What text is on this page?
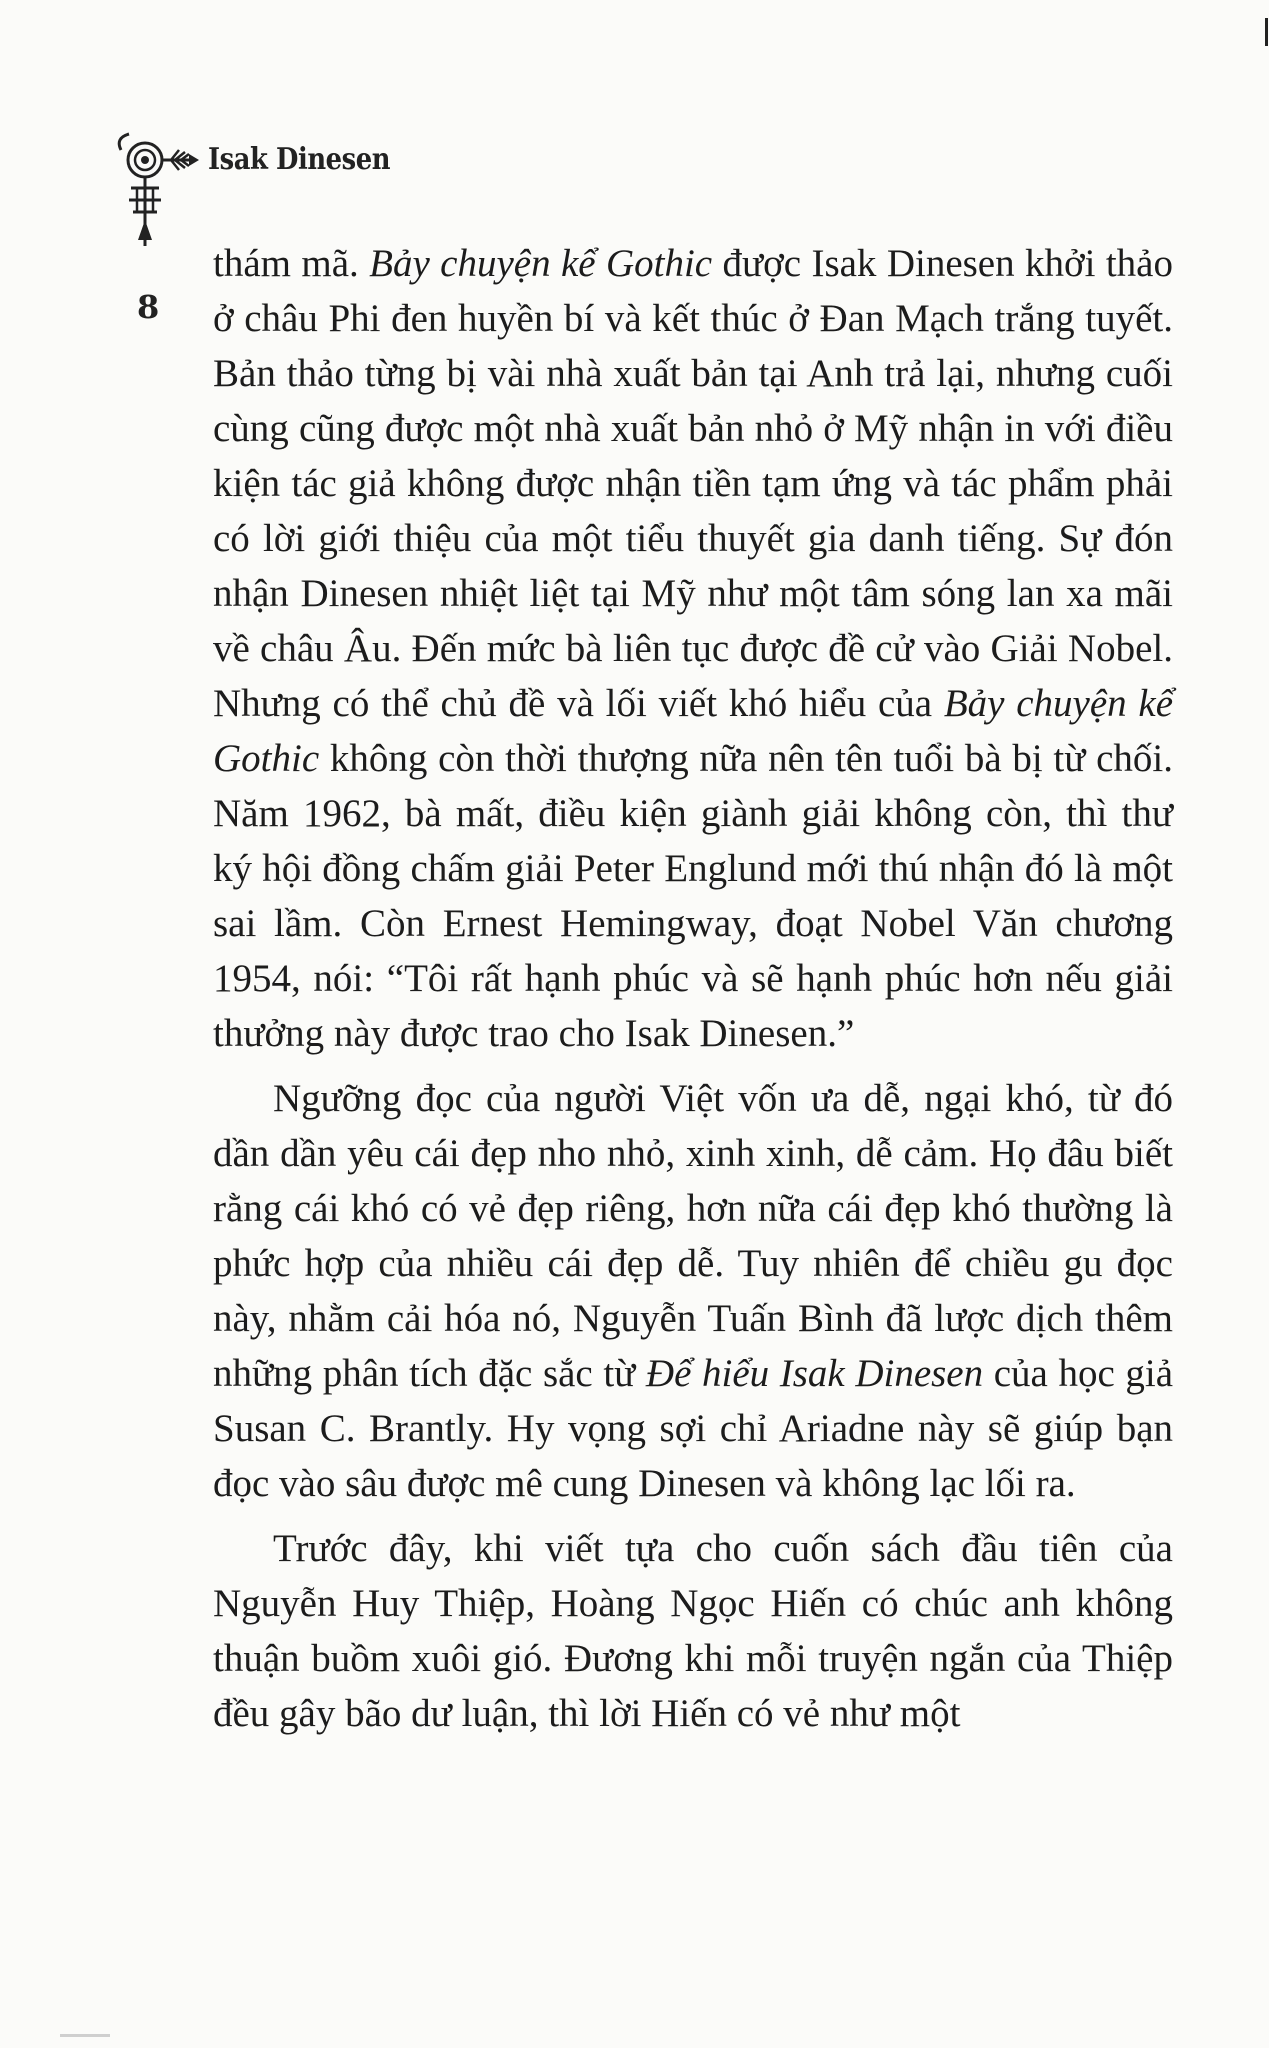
Isak Dinesen
8

thám mã. Bảy chuyện kể Gothic được Isak Dinesen khởi thảo ở châu Phi đen huyền bí và kết thúc ở Đan Mạch trắng tuyết. Bản thảo từng bị vài nhà xuất bản tại Anh trả lại, nhưng cuối cùng cũng được một nhà xuất bản nhỏ ở Mỹ nhận in với điều kiện tác giả không được nhận tiền tạm ứng và tác phẩm phải có lời giới thiệu của một tiểu thuyết gia danh tiếng. Sự đón nhận Dinesen nhiệt liệt tại Mỹ như một tâm sóng lan xa mãi về châu Âu. Đến mức bà liên tục được đề cử vào Giải Nobel. Nhưng có thể chủ đề và lối viết khó hiểu của Bảy chuyện kể Gothic không còn thời thượng nữa nên tên tuổi bà bị từ chối. Năm 1962, bà mất, điều kiện giành giải không còn, thì thư ký hội đồng chấm giải Peter Englund mới thú nhận đó là một sai lầm. Còn Ernest Hemingway, đoạt Nobel Văn chương 1954, nói: “Tôi rất hạnh phúc và sẽ hạnh phúc hơn nếu giải thưởng này được trao cho Isak Dinesen.”

Ngưỡng đọc của người Việt vốn ưa dễ, ngại khó, từ đó dần dần yêu cái đẹp nho nhỏ, xinh xinh, dễ cảm. Họ đâu biết rằng cái khó có vẻ đẹp riêng, hơn nữa cái đẹp khó thường là phức hợp của nhiều cái đẹp dễ. Tuy nhiên để chiều gu đọc này, nhằm cải hóa nó, Nguyễn Tuấn Bình đã lược dịch thêm những phân tích đặc sắc từ Để hiểu Isak Dinesen của học giả Susan C. Brantly. Hy vọng sợi chỉ Ariadne này sẽ giúp bạn đọc vào sâu được mê cung Dinesen và không lạc lối ra.

Trước đây, khi viết tựa cho cuốn sách đầu tiên của Nguyễn Huy Thiệp, Hoàng Ngọc Hiến có chúc anh không thuận buồm xuôi gió. Đương khi mỗi truyện ngắn của Thiệp đều gây bão dư luận, thì lời Hiến có vẻ như một
